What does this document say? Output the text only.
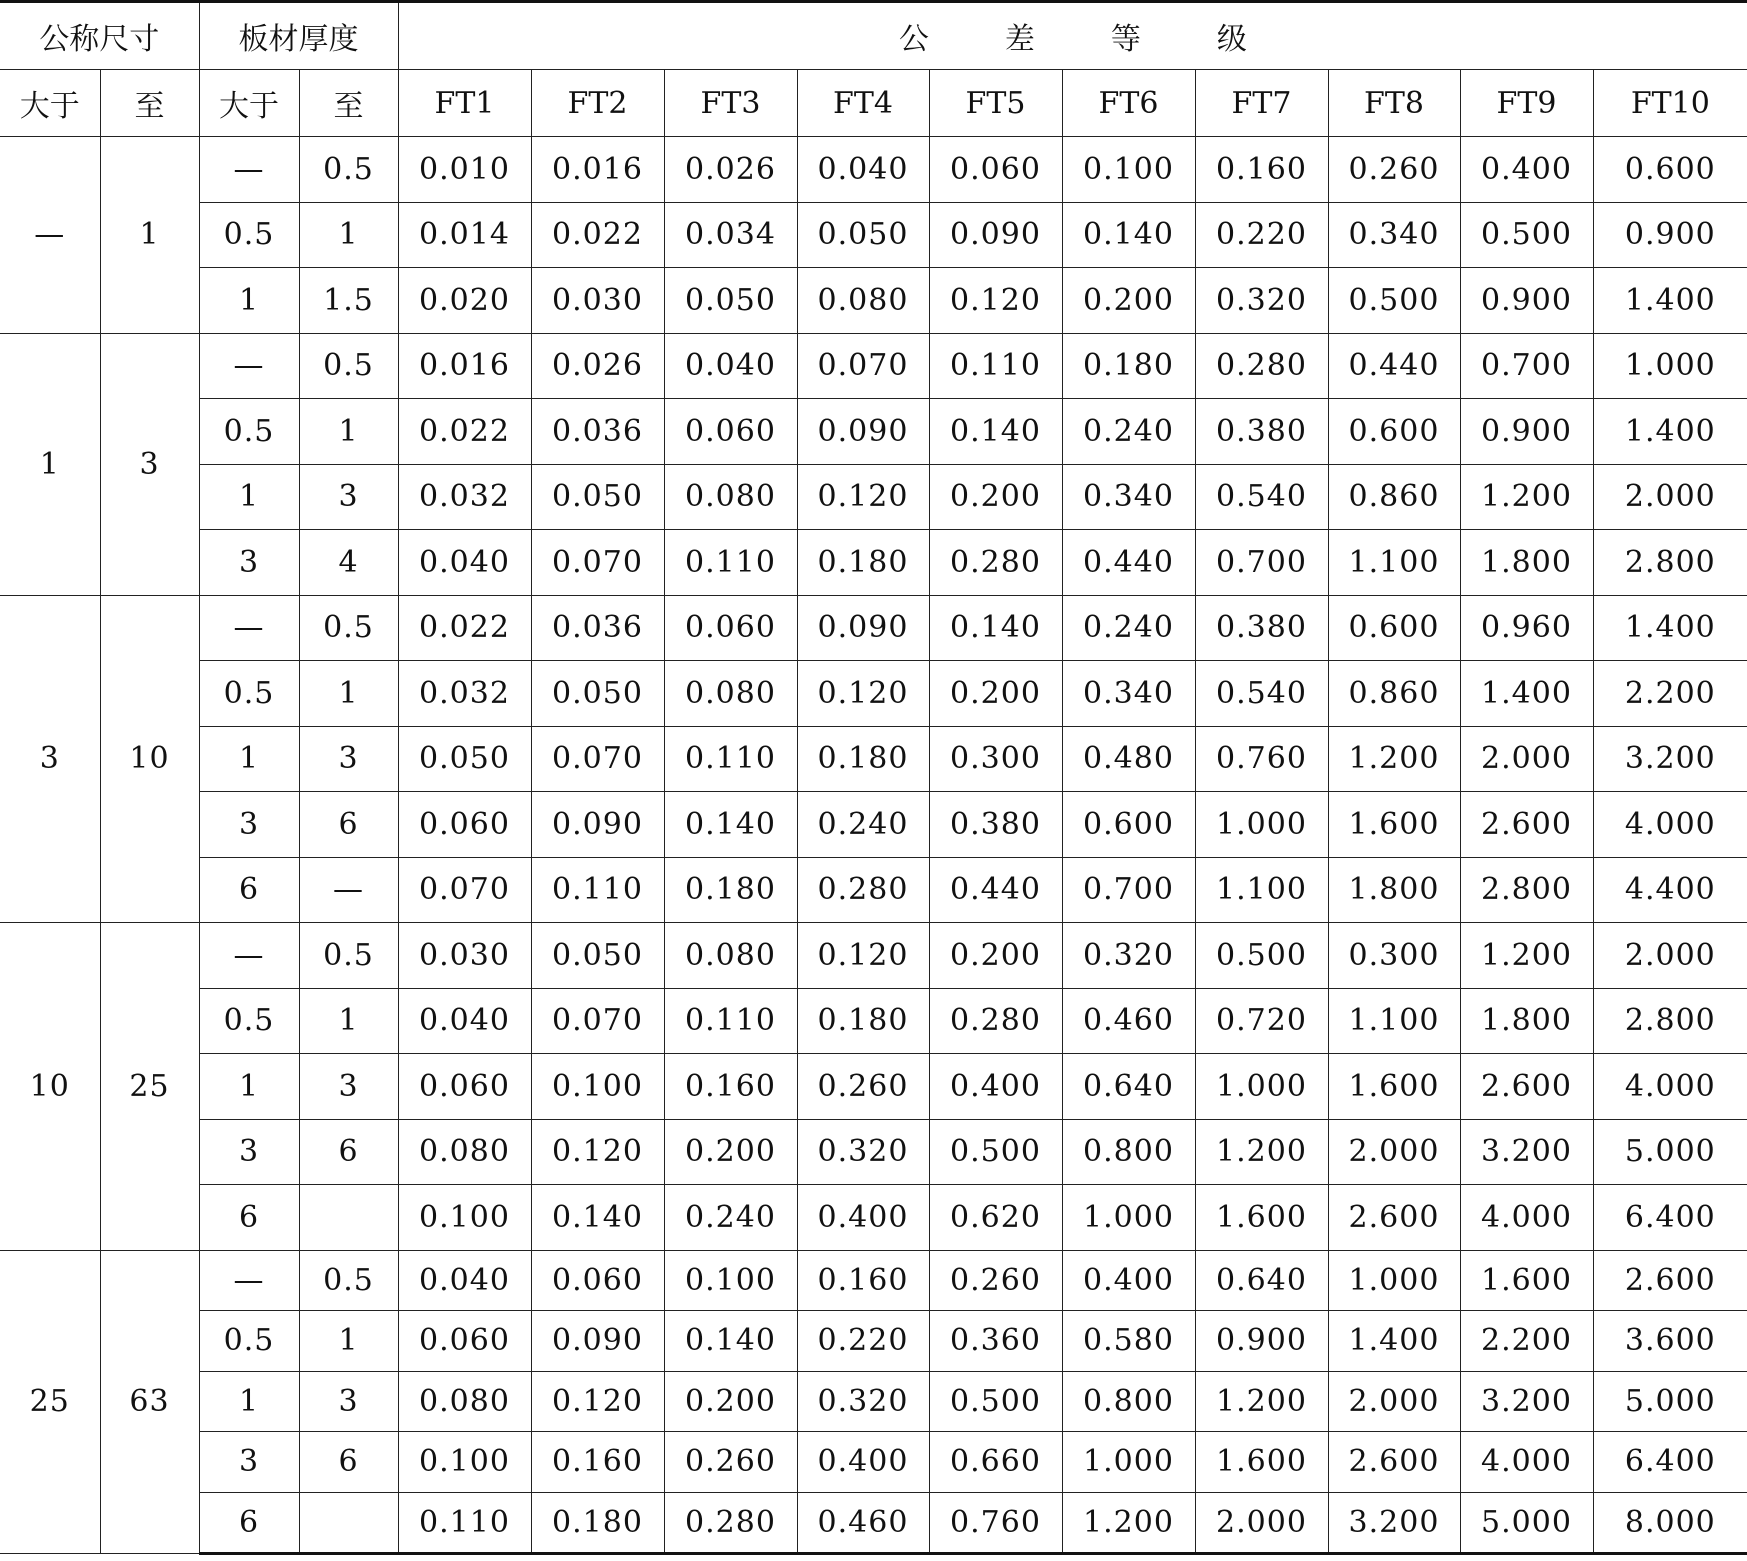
公称尺寸		板材厚度		公 差 等 级									
大于	至	大于	至	FT1	FT2	FT3	FT4	FT5	FT6	FT7	FT8	FT9	FT10
—	1	—	0.5	0.010	0.016	0.026	0.040	0.060	0.100	0.160	0.260	0.400	0.600
		0.5	1	0.014	0.022	0.034	0.050	0.090	0.140	0.220	0.340	0.500	0.900
		1	1.5	0.020	0.030	0.050	0.080	0.120	0.200	0.320	0.500	0.900	1.400
1	3	—	0.5	0.016	0.026	0.040	0.070	0.110	0.180	0.280	0.440	0.700	1.000
		0.5	1	0.022	0.036	0.060	0.090	0.140	0.240	0.380	0.600	0.900	1.400
		1	3	0.032	0.050	0.080	0.120	0.200	0.340	0.540	0.860	1.200	2.000
		3	4	0.040	0.070	0.110	0.180	0.280	0.440	0.700	1.100	1.800	2.800
3	10	—	0.5	0.022	0.036	0.060	0.090	0.140	0.240	0.380	0.600	0.960	1.400
		0.5	1	0.032	0.050	0.080	0.120	0.200	0.340	0.540	0.860	1.400	2.200
		1	3	0.050	0.070	0.110	0.180	0.300	0.480	0.760	1.200	2.000	3.200
		3	6	0.060	0.090	0.140	0.240	0.380	0.600	1.000	1.600	2.600	4.000
		6	—	0.070	0.110	0.180	0.280	0.440	0.700	1.100	1.800	2.800	4.400
10	25	—	0.5	0.030	0.050	0.080	0.120	0.200	0.320	0.500	0.300	1.200	2.000
		0.5	1	0.040	0.070	0.110	0.180	0.280	0.460	0.720	1.100	1.800	2.800
		1	3	0.060	0.100	0.160	0.260	0.400	0.640	1.000	1.600	2.600	4.000
		3	6	0.080	0.120	0.200	0.320	0.500	0.800	1.200	2.000	3.200	5.000
		6		0.100	0.140	0.240	0.400	0.620	1.000	1.600	2.600	4.000	6.400
25	63	—	0.5	0.040	0.060	0.100	0.160	0.260	0.400	0.640	1.000	1.600	2.600
		0.5	1	0.060	0.090	0.140	0.220	0.360	0.580	0.900	1.400	2.200	3.600
		1	3	0.080	0.120	0.200	0.320	0.500	0.800	1.200	2.000	3.200	5.000
		3	6	0.100	0.160	0.260	0.400	0.660	1.000	1.600	2.600	4.000	6.400
		6		0.110	0.180	0.280	0.460	0.760	1.200	2.000	3.200	5.000	8.000
